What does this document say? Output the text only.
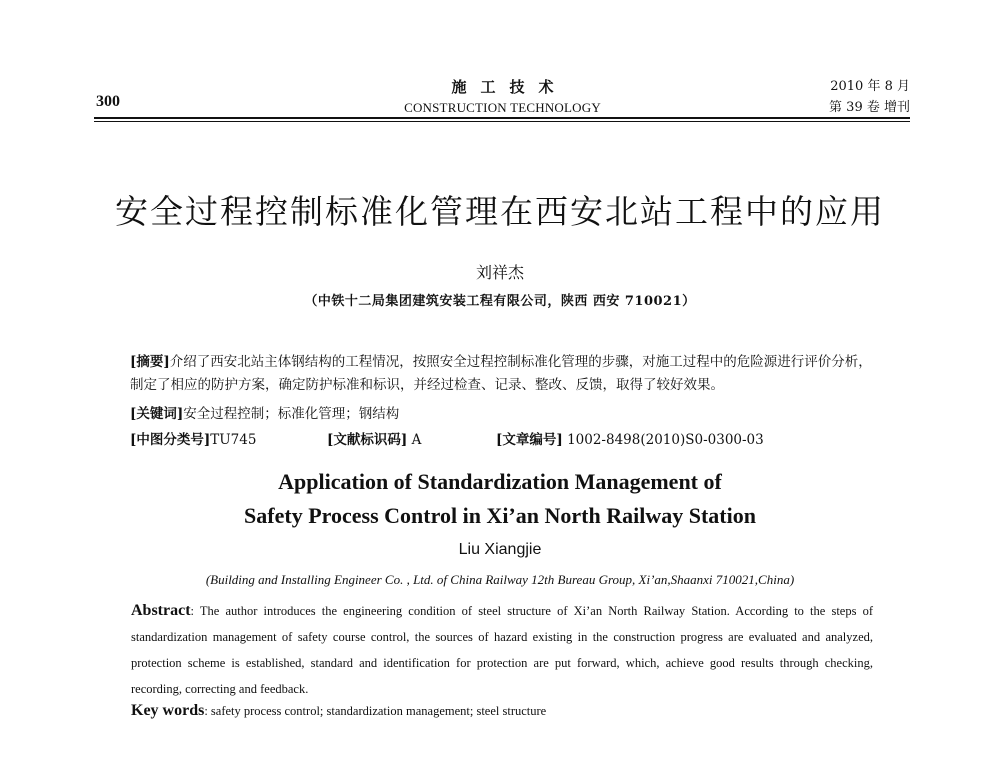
300
施工技术
CONSTRUCTION TECHNOLOGY
2010 年 8 月
第 39 卷 增刊
安全过程控制标准化管理在西安北站工程中的应用
刘祥杰
（中铁十二局集团建筑安装工程有限公司，陕西 西安 710021）
[摘要]介绍了西安北站主体钢结构的工程情况，按照安全过程控制标准化管理的步骤，对施工过程中的危险源进行评价分析，制定了相应的防护方案，确定防护标准和标识，并经过检查、记录、整改、反馈，取得了较好效果。
[关键词]安全过程控制；标准化管理；钢结构
[中图分类号]TU745	[文献标识码] A	[文章编号] 1002-8498(2010)S0-0300-03
Application of Standardization Management of
Safety Process Control in Xi’an North Railway Station
Liu Xiangjie
(Building and Installing Engineer Co. , Ltd. of China Railway 12th Bureau Group, Xi’an,Shaanxi 710021,China)
Abstract: The author introduces the engineering condition of steel structure of Xi’an North Railway Station. According to the steps of standardization management of safety course control, the sources of hazard existing in the construction progress are evaluated and analyzed, protection scheme is established, standard and identification for protection are put forward, which, achieve good results through checking, recording, correcting and feedback.
Key words: safety process control; standardization management; steel structure
